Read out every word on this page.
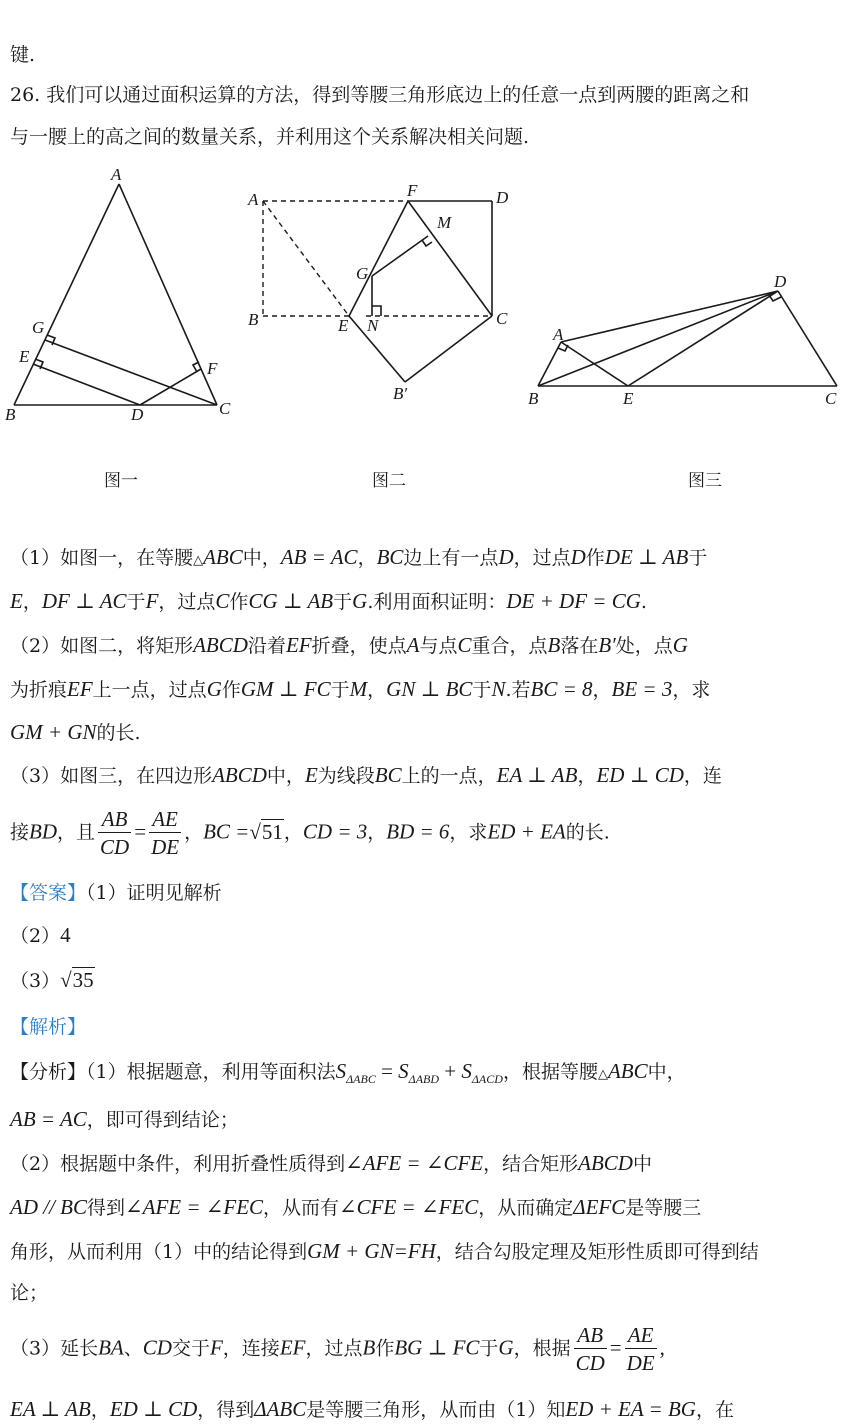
键.
26. 我们可以通过面积运算的方法，得到等腰三角形底边上的任意一点到两腰的距离之和
与一腰上的高之间的数量关系，并利用这个关系解决相关问题.
A
G
E
B	D
F
C
A	F	D
M
G
B	E N	C
B′
D
A
B	E	C
图一	图二	图三
（1）如图一，在等腰△ABC中，AB = AC，BC边上有一点D，过点D作DE ⊥ AB于
E，DF ⊥ AC于F，过点C作CG ⊥ AB于G.利用面积证明：DE + DF = CG.
（2）如图二，将矩形ABCD沿着EF折叠，使点A与点C重合，点B落在B′处，点G
为折痕EF上一点，过点G作GM ⊥ FC于M，GN ⊥ BC于N.若BC = 8，BE = 3，求
GM + GN的长.
（3）如图三，在四边形ABCD中，E为线段BC上的一点，EA ⊥ AB，ED ⊥ CD，连
接BD，且 $\frac{AB}{CD} = \frac{AE}{DE}$ ，BC =√51，CD = 3，BD = 6，求ED + EA的长.
【答案】（1）证明见解析
（2）4
（3）√35
【解析】
【分析】（1）根据题意，利用等面积法$S_{\Delta ABC} = S_{\Delta ABD} + S_{\Delta ACD}$，根据等腰△ABC中，
AB = AC，即可得到结论；
（2）根据题中条件，利用折叠性质得到∠AFE = ∠CFE，结合矩形ABCD中
AD // BC得到∠AFE = ∠FEC，从而有∠CFE = ∠FEC，从而确定ΔEFC是等腰三
角形，从而利用（1）中的结论得到GM + GN=FH，结合勾股定理及矩形性质即可得到结
论；
（3）延长BA、CD交于F，连接EF，过点B作BG ⊥ FC于G，根据 $\frac{AB}{CD} = \frac{AE}{DE}$ ,
EA ⊥ AB，ED ⊥ CD，得到ΔABC是等腰三角形，从而由（1）知ED + EA = BG，在
